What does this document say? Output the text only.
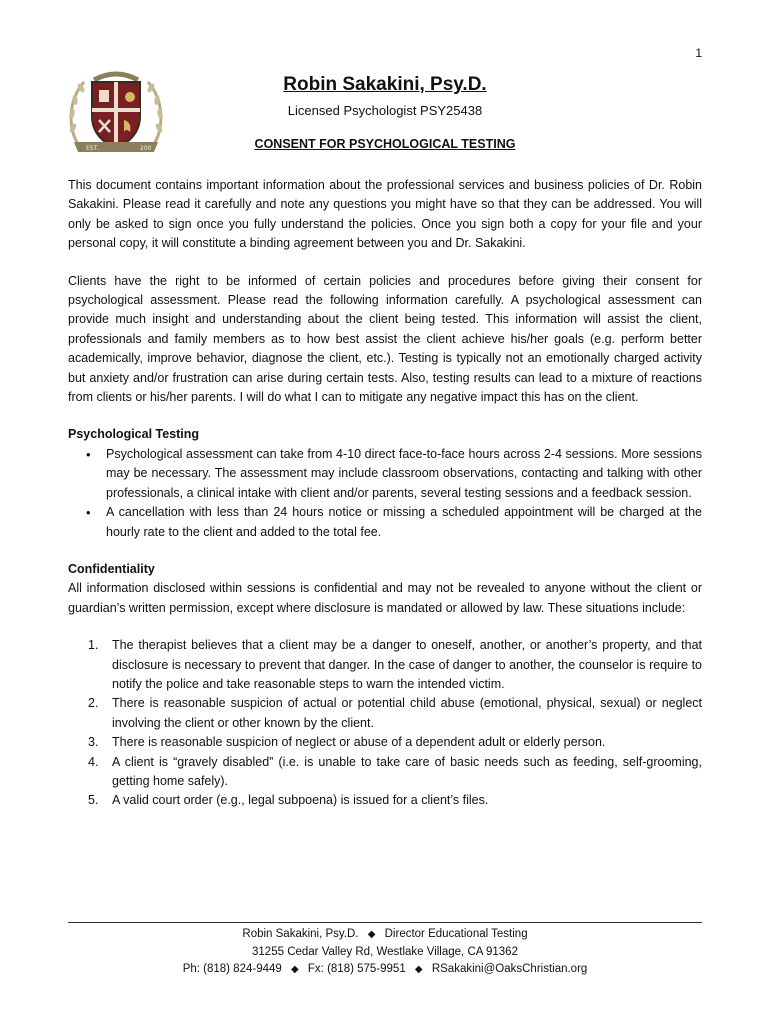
1
EST.	200
Robin Sakakini, Psy.D.
Licensed Psychologist PSY25438
CONSENT FOR PSYCHOLOGICAL TESTING

This document contains important information about the professional services and business policies of Dr. Robin Sakakini. Please read it carefully and note any questions you might have so that they can be addressed. You will only be asked to sign once you fully understand the policies. Once you sign both a copy for your file and your personal copy, it will constitute a binding agreement between you and Dr. Sakakini.

Clients have the right to be informed of certain policies and procedures before giving their consent for psychological assessment. Please read the following information carefully. A psychological assessment can provide much insight and understanding about the client being tested. This information will assist the client, professionals and family members as to how best assist the client achieve his/her goals (e.g. perform better academically, improve behavior, diagnose the client, etc.). Testing is typically not an emotionally charged activity but anxiety and/or frustration can arise during certain tests. Also, testing results can lead to a mixture of reactions from clients or his/her parents. I will do what I can to mitigate any negative impact this has on the client.

Psychological Testing
• Psychological assessment can take from 4-10 direct face-to-face hours across 2-4 sessions. More sessions may be necessary. The assessment may include classroom observations, contacting and talking with other professionals, a clinical intake with client and/or parents, several testing sessions and a feedback session.
• A cancellation with less than 24 hours notice or missing a scheduled appointment will be charged at the hourly rate to the client and added to the total fee.
Confidentiality

All information disclosed within sessions is confidential and may not be revealed to anyone without the client or guardian’s written permission, except where disclosure is mandated or allowed by law. These situations include:

1. The therapist believes that a client may be a danger to oneself, another, or another’s property, and that disclosure is necessary to prevent that danger. In the case of danger to another, the counselor is require to notify the police and take reasonable steps to warn the intended victim.
2. There is reasonable suspicion of actual or potential child abuse (emotional, physical, sexual) or neglect involving the client or other known by the client.
3. There is reasonable suspicion of neglect or abuse of a dependent adult or elderly person.
4. A client is “gravely disabled” (i.e. is unable to take care of basic needs such as feeding, self-grooming, getting home safely).
5. A valid court order (e.g., legal subpoena) is issued for a client’s files.
Robin Sakakini, Psy.D. ◆ Director Educational Testing
31255 Cedar Valley Rd, Westlake Village, CA 91362
Ph: (818) 824-9449 ◆ Fx: (818) 575-9951 ◆ RSakakini@OaksChristian.org
